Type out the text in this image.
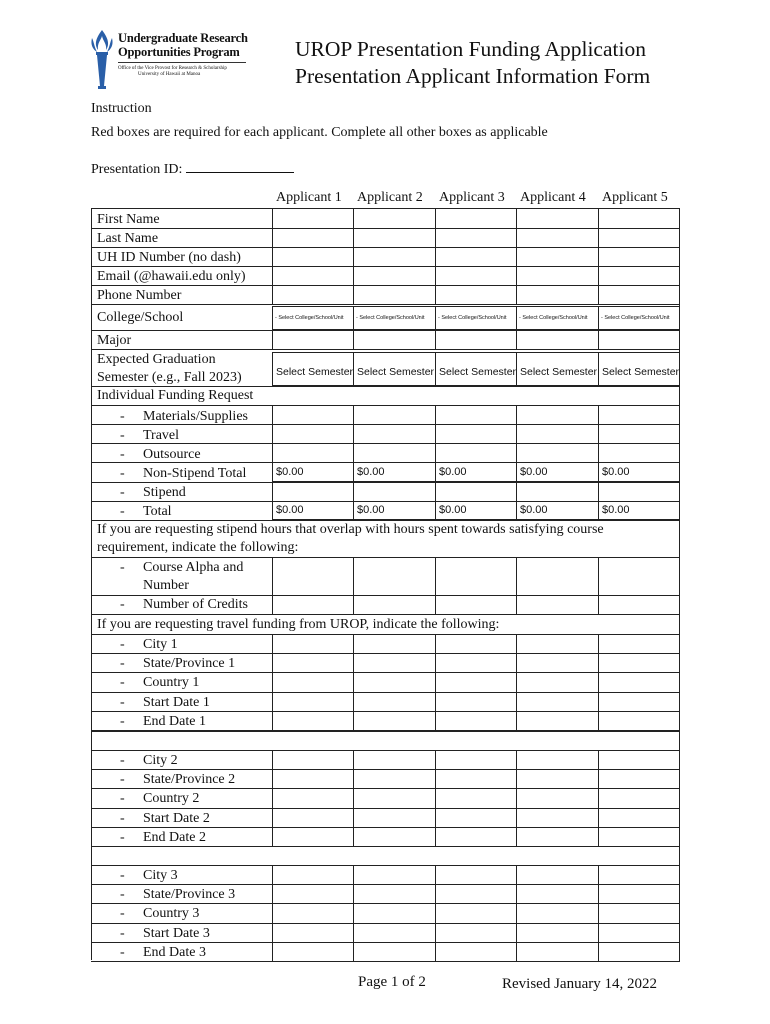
Undergraduate Research
Opportunities Program
Office of the Vice Provost for Research & Scholarship
University of Hawaii at Manoa
UROP Presentation Funding Application
Presentation Applicant Information Form
Instruction
Red boxes are required for each applicant. Complete all other boxes as applicable
Presentation ID:
Applicant 1 Applicant 2 Applicant 3 Applicant 4 Applicant 5
First Name
Last Name
UH ID Number (no dash)
Email (@hawaii.edu only)
Phone Number
College/School	- Select College/School/Unit - Select College/School/Unit - Select College/School/Unit - Select College/School/Unit - Select College/School/Unit
Major
Expected Graduation
Semester (e.g., Fall 2023)	Select Semester Select Semester Select Semester Select Semester Select Semester
Individual Funding Request
- Materials/Supplies
- Travel
- Outsource
- Non-Stipend Total	$0.00	$0.00	$0.00	$0.00	$0.00
- Stipend
- Total	$0.00	$0.00	$0.00	$0.00	$0.00
If you are requesting stipend hours that overlap with hours spent towards satisfying course
requirement, indicate the following:
- Course Alpha and
Number
- Number of Credits
If you are requesting travel funding from UROP, indicate the following:
- City 1
- State/Province 1
- Country 1
- Start Date 1
- End Date 1
- City 2
- State/Province 2
- Country 2
- Start Date 2
- End Date 2
- City 3
- State/Province 3
- Country 3
- Start Date 3
- End Date 3
Page 1 of 2	Revised January 14, 2022
